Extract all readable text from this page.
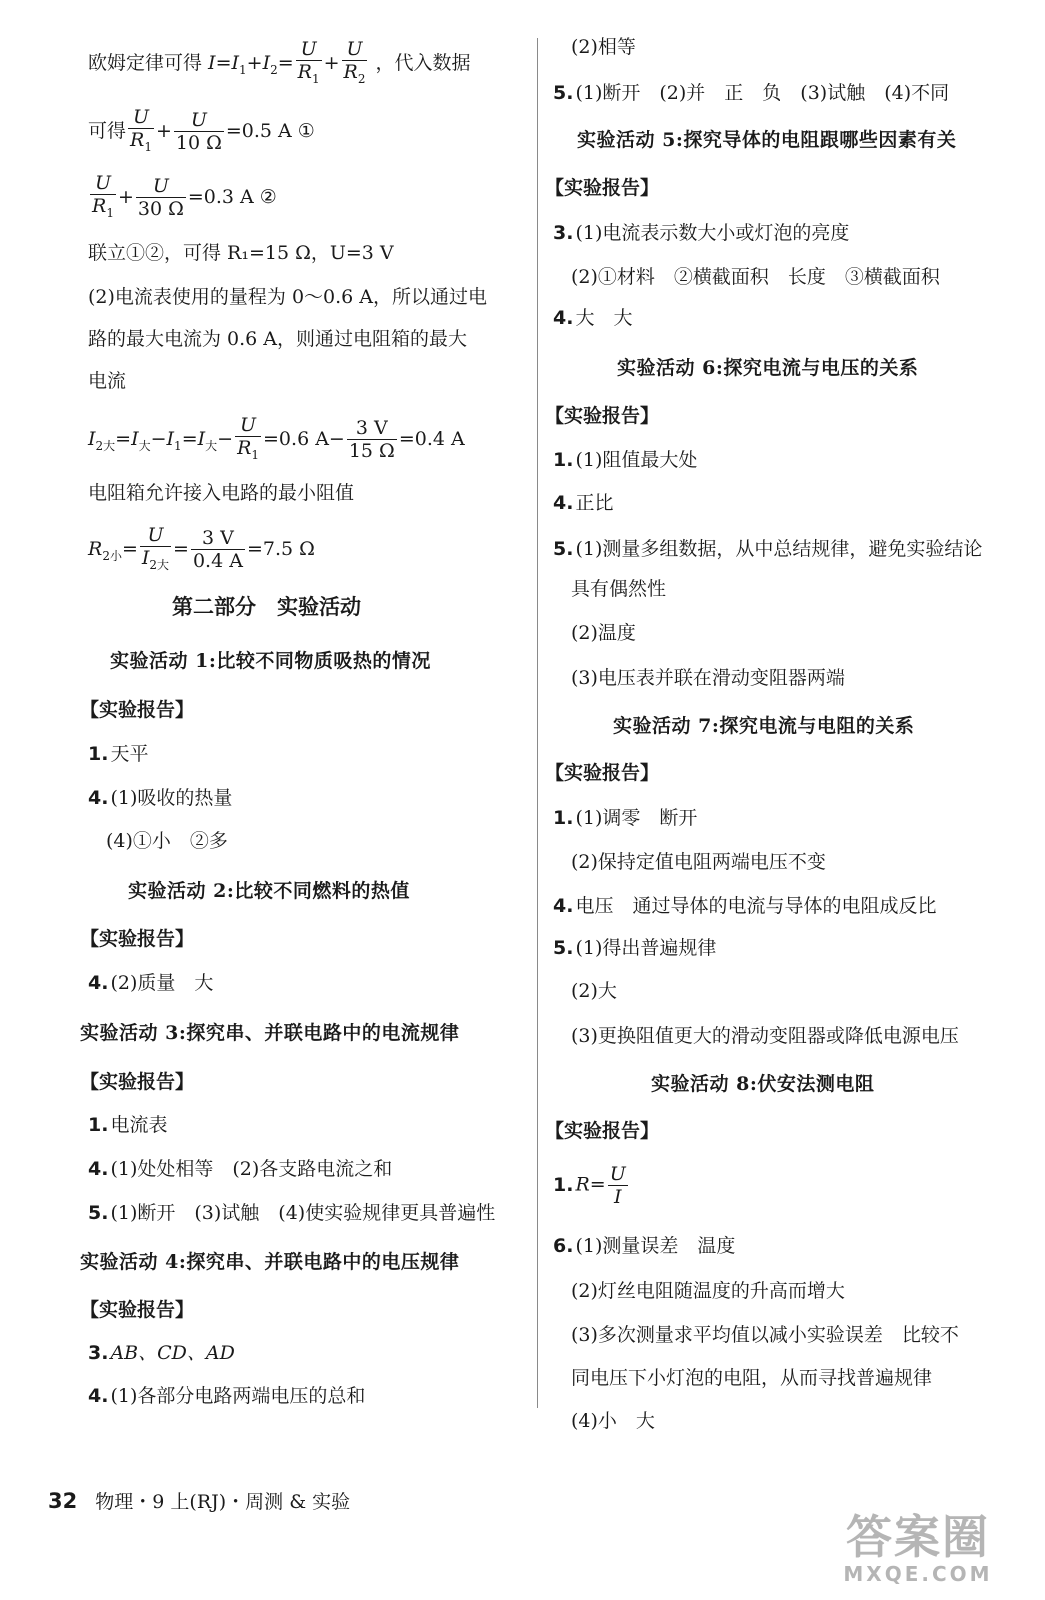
欧姆定律可得 $I=I_1+I_2= \frac{U}{R_1} + \frac{U}{R_2}$ ，代入数据
可得 $\frac{U}{R_1} + \frac{U}{10 \Omega} =0.5$ A ①
$\frac{U}{R_1} + \frac{U}{30 \Omega} =0.3$ A ②
联立①②，可得 R₁=15 Ω，U=3 V
(2)电流表使用的量程为 0～0.6 A，所以通过电
路的最大电流为 0.6 A，则通过电阻箱的最大
电流
$I_{2大}=I_大-I_1=I_大- \frac{U}{R_1} =0.6$ $A- \frac{3 V}{15 \Omega} =0.4$ A
电阻箱允许接入电路的最小阻值
$R_{2小}= \frac{U}{I_{2大}} = \frac{3 V}{0.4 A} =7.5$ Ω
第二部分　实验活动
实验活动 1:比较不同物质吸热的情况
【实验报告】
1. 天平
4. (1)吸收的热量
(4)①小　②多
实验活动 2:比较不同燃料的热值
【实验报告】
4. (2)质量　大
实验活动 3:探究串、并联电路中的电流规律
【实验报告】
1. 电流表
4. (1)处处相等　(2)各支路电流之和
5. (1)断开　(3)试触　(4)使实验规律更具普遍性
实验活动 4:探究串、并联电路中的电压规律
【实验报告】
3. AB、CD、AD
4. (1)各部分电路两端电压的总和
(2)相等
5. (1)断开　(2)并　正　负　(3)试触　(4)不同
实验活动 5:探究导体的电阻跟哪些因素有关
【实验报告】
3. (1)电流表示数大小或灯泡的亮度
(2)①材料　②横截面积　长度　③横截面积
4. 大　大
实验活动 6:探究电流与电压的关系
【实验报告】
1. (1)阻值最大处
4. 正比
5. (1)测量多组数据，从中总结规律，避免实验结论
具有偶然性
(2)温度
(3)电压表并联在滑动变阻器两端
实验活动 7:探究电流与电阻的关系
【实验报告】
1. (1)调零　断开
(2)保持定值电阻两端电压不变
4. 电压　通过导体的电流与导体的电阻成反比
5. (1)得出普遍规律
(2)大
(3)更换阻值更大的滑动变阻器或降低电源电压
实验活动 8:伏安法测电阻
【实验报告】
1. $R= \frac{U}{I}$
6. (1)测量误差　温度
(2)灯丝电阻随温度的升高而增大
(3)多次测量求平均值以减小实验误差　比较不
同电压下小灯泡的电阻，从而寻找普遍规律
(4)小　大
32 物理・9 上(RJ)・周测 & 实验
答案圈
MXQE.COM
